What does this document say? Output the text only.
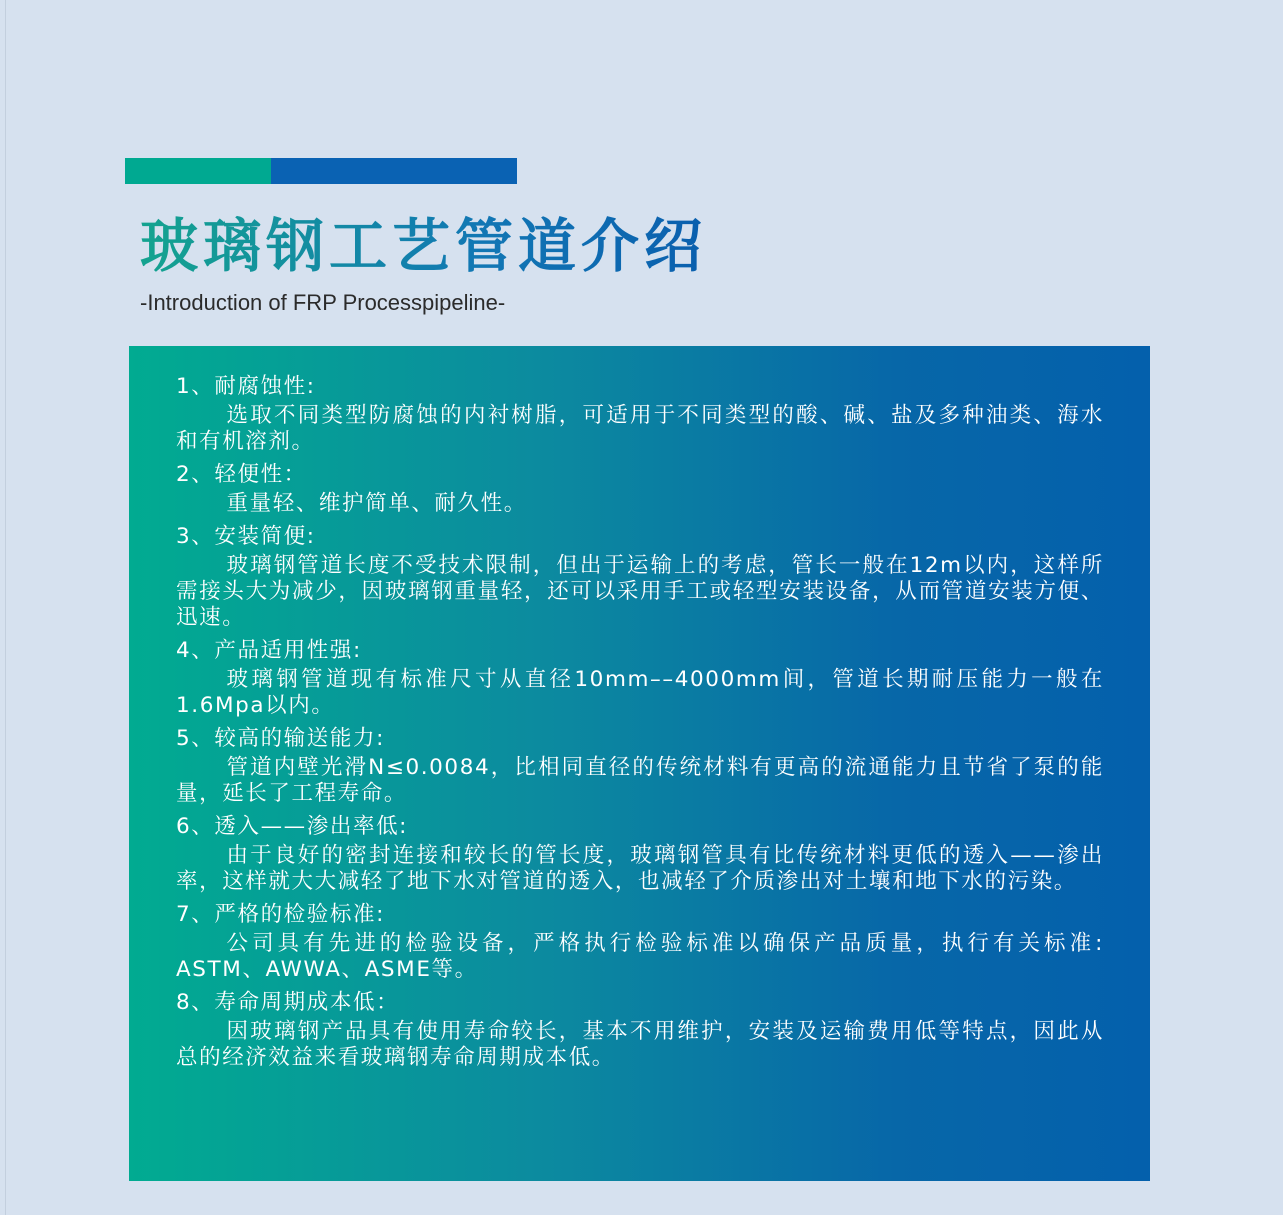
玻璃钢工艺管道介绍
-Introduction of FRP Processpipeline-
1、耐腐蚀性:
选取不同类型防腐蚀的内衬树脂，可适用于不同类型的酸、碱、盐及多种油类、海水和有机溶剂。
2、轻便性：
重量轻、维护简单、耐久性。
3、安装简便:
玻璃钢管道长度不受技术限制，但出于运输上的考虑，管长一般在12m以内，这样所需接头大为减少，因玻璃钢重量轻，还可以采用手工或轻型安装设备，从而管道安装方便、迅速。
4、产品适用性强:
玻璃钢管道现有标准尺寸从直径10mm––4000mm间，管道长期耐压能力一般在1.6Mpa以内。
5、较高的输送能力:
管道内壁光滑N≤0.0084，比相同直径的传统材料有更高的流通能力且节省了泵的能量，延长了工程寿命。
6、透入——渗出率低:
由于良好的密封连接和较长的管长度，玻璃钢管具有比传统材料更低的透入——渗出率，这样就大大减轻了地下水对管道的透入，也减轻了介质渗出对土壤和地下水的污染。
7、严格的检验标准:
公司具有先进的检验设备，严格执行检验标准以确保产品质量，执行有关标准: ASTM、AWWA、ASME等。
8、寿命周期成本低：
因玻璃钢产品具有使用寿命较长，基本不用维护，安装及运输费用低等特点，因此从总的经济效益来看玻璃钢寿命周期成本低。
